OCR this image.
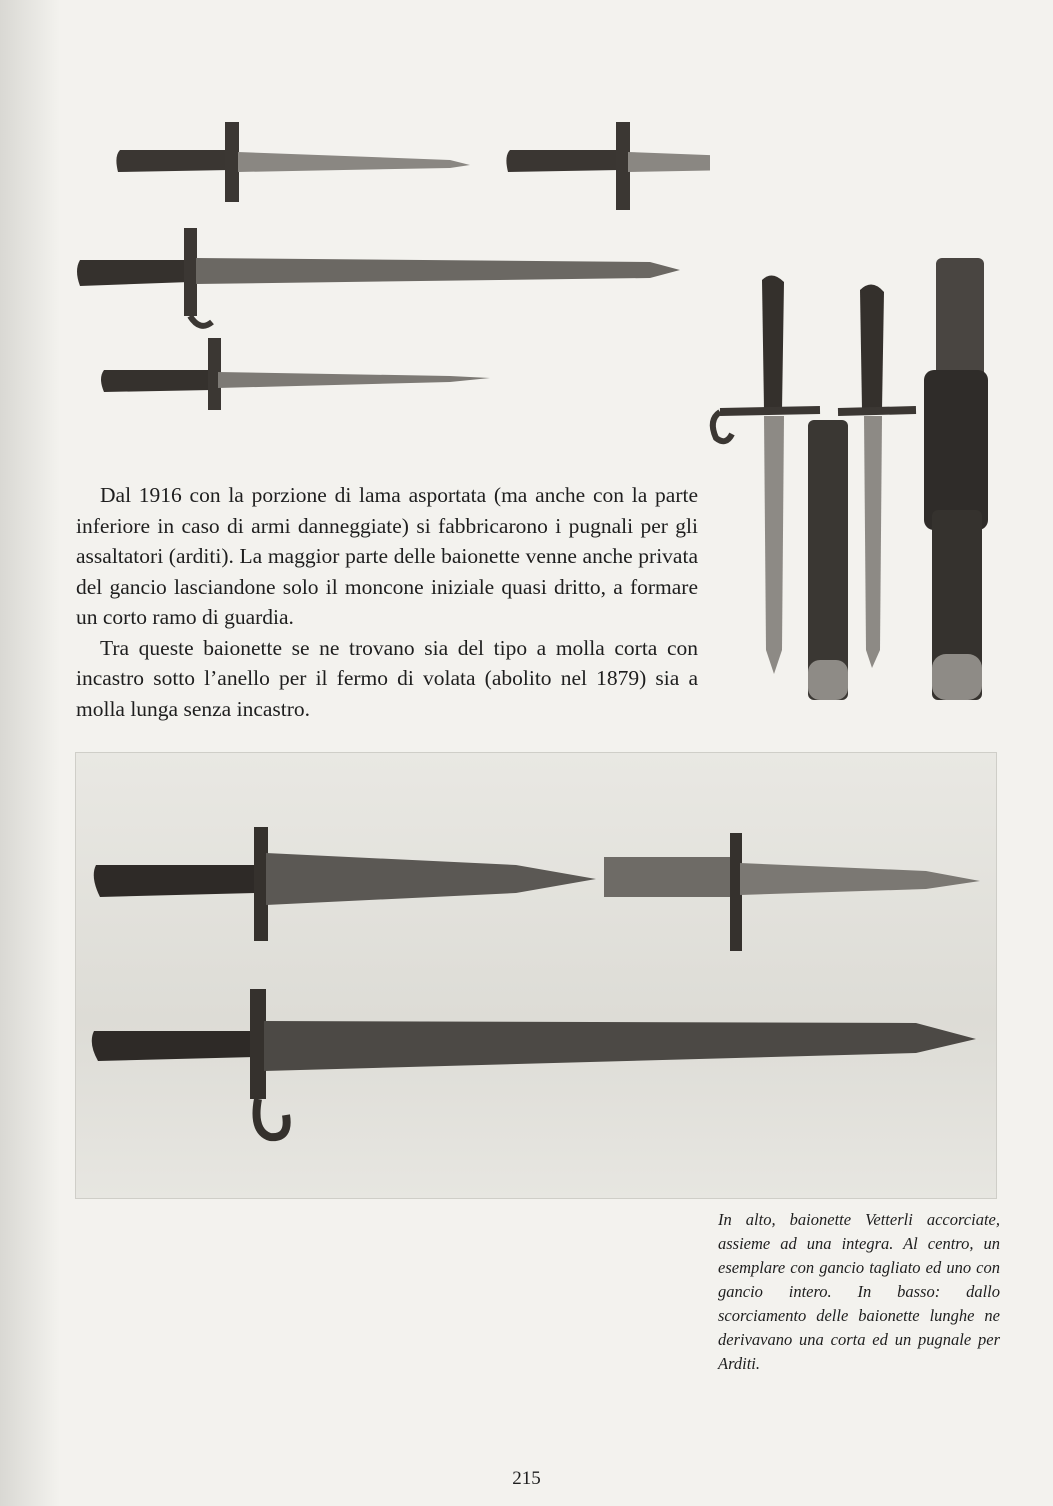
Dal 1916 con la porzione di lama asportata (ma anche con la parte inferiore in caso di armi danneggiate) si fabbricarono i pugnali per gli assaltatori (arditi). La maggior parte delle baionette venne anche privata del gancio lasciandone solo il moncone iniziale quasi dritto, a formare un corto ramo di guardia.

Tra queste baionette se ne trovano sia del tipo a molla corta con incastro sotto l’anello per il fermo di volata (abolito nel 1879) sia a molla lunga senza incastro.

In alto, baionette Vetterli accorciate, assieme ad una integra. Al centro, un esemplare con gancio tagliato ed uno con gancio intero. In basso: dallo scorciamento delle baionette lunghe ne derivavano una corta ed un pugnale per Arditi.

215
